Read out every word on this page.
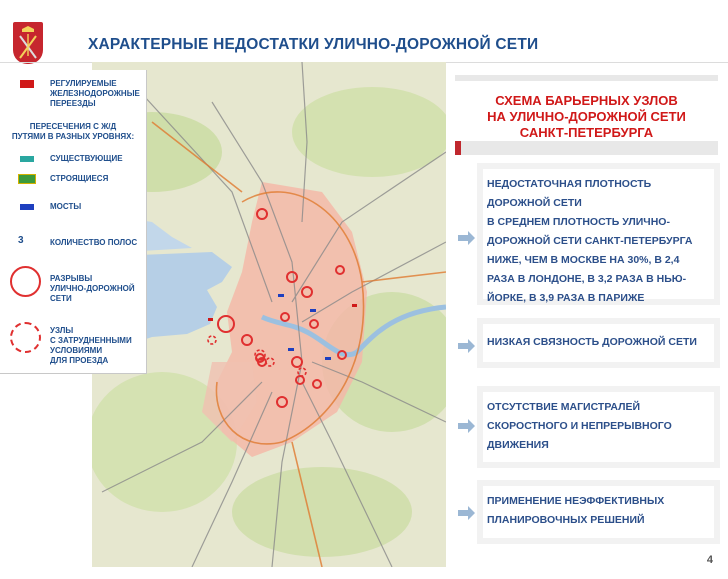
ХАРАКТЕРНЫЕ НЕДОСТАТКИ УЛИЧНО-ДОРОЖНОЙ СЕТИ
РЕГУЛИРУЕМЫЕ
ЖЕЛЕЗНОДОРОЖНЫЕ
ПЕРЕЕЗДЫ
ПЕРЕСЕЧЕНИЯ С Ж/Д
ПУТЯМИ В РАЗНЫХ УРОВНЯХ:
СУЩЕСТВУЮЩИЕ
СТРОЯЩИЕСЯ
МОСТЫ
3	КОЛИЧЕСТВО ПОЛОС
РАЗРЫВЫ
УЛИЧНО-ДОРОЖНОЙ
СЕТИ
УЗЛЫ
С ЗАТРУДНЕННЫМИ
УСЛОВИЯМИ
ДЛЯ ПРОЕЗДА
СХЕМА БАРЬЕРНЫХ УЗЛОВ
НА УЛИЧНО-ДОРОЖНОЙ СЕТИ
САНКТ-ПЕТЕРБУРГА
НЕДОСТАТОЧНАЯ ПЛОТНОСТЬ
ДОРОЖНОЙ СЕТИ
В СРЕДНЕМ ПЛОТНОСТЬ УЛИЧНО-
ДОРОЖНОЙ СЕТИ САНКТ-ПЕТЕРБУРГА
НИЖЕ, ЧЕМ В МОСКВЕ НА 30%, В 2,4
РАЗА В ЛОНДОНЕ, В 3,2 РАЗА В НЬЮ-
ЙОРКЕ, В 3,9 РАЗА В ПАРИЖЕ
НИЗКАЯ СВЯЗНОСТЬ ДОРОЖНОЙ СЕТИ
ОТСУТСТВИЕ МАГИСТРАЛЕЙ
СКОРОСТНОГО И НЕПРЕРЫВНОГО
ДВИЖЕНИЯ
ПРИМЕНЕНИЕ НЕЭФФЕКТИВНЫХ
ПЛАНИРОВОЧНЫХ РЕШЕНИЙ
4
